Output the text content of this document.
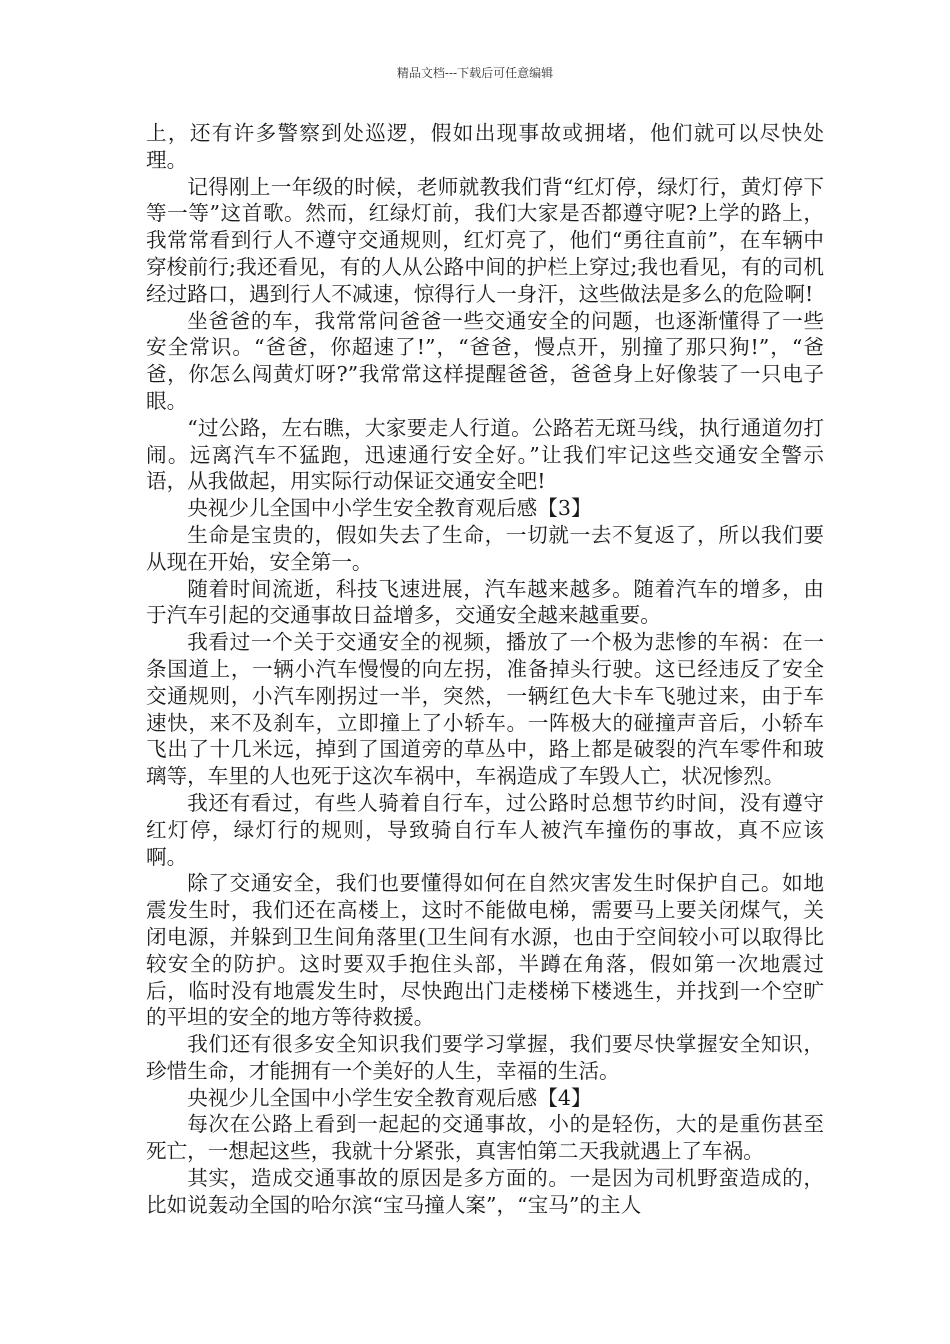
精品文档---下载后可任意编辑

上，还有许多警察到处巡逻，假如出现事故或拥堵，他们就可以尽快处理。

记得刚上一年级的时候，老师就教我们背“红灯停，绿灯行，黄灯停下等一等”这首歌。然而，红绿灯前，我们大家是否都遵守呢?上学的路上，我常常看到行人不遵守交通规则，红灯亮了，他们“勇往直前”，在车辆中穿梭前行;我还看见，有的人从公路中间的护栏上穿过;我也看见，有的司机经过路口，遇到行人不减速，惊得行人一身汗，这些做法是多么的危险啊!

坐爸爸的车，我常常问爸爸一些交通安全的问题，也逐渐懂得了一些安全常识。“爸爸，你超速了!”，“爸爸，慢点开，别撞了那只狗!”，“爸爸，你怎么闯黄灯呀?”我常常这样提醒爸爸，爸爸身上好像装了一只电子眼。

“过公路，左右瞧，大家要走人行道。公路若无斑马线，执行通道勿打闹。远离汽车不猛跑，迅速通行安全好。”让我们牢记这些交通安全警示语，从我做起，用实际行动保证交通安全吧!

央视少儿全国中小学生安全教育观后感【3】

生命是宝贵的，假如失去了生命，一切就一去不复返了，所以我们要从现在开始，安全第一。

随着时间流逝，科技飞速进展，汽车越来越多。随着汽车的增多，由于汽车引起的交通事故日益增多，交通安全越来越重要。

我看过一个关于交通安全的视频，播放了一个极为悲惨的车祸：在一条国道上，一辆小汽车慢慢的向左拐，准备掉头行驶。这已经违反了安全交通规则，小汽车刚拐过一半，突然，一辆红色大卡车飞驰过来，由于车速快，来不及刹车，立即撞上了小轿车。一阵极大的碰撞声音后，小轿车飞出了十几米远，掉到了国道旁的草丛中，路上都是破裂的汽车零件和玻璃等，车里的人也死于这次车祸中，车祸造成了车毁人亡，状况惨烈。

我还有看过，有些人骑着自行车，过公路时总想节约时间，没有遵守红灯停，绿灯行的规则，导致骑自行车人被汽车撞伤的事故，真不应该啊。

除了交通安全，我们也要懂得如何在自然灾害发生时保护自己。如地震发生时，我们还在高楼上，这时不能做电梯，需要马上要关闭煤气，关闭电源，并躲到卫生间角落里(卫生间有水源，也由于空间较小可以取得比较安全的防护。这时要双手抱住头部，半蹲在角落，假如第一次地震过后，临时没有地震发生时，尽快跑出门走楼梯下楼逃生，并找到一个空旷的平坦的安全的地方等待救援。

我们还有很多安全知识我们要学习掌握，我们要尽快掌握安全知识，珍惜生命，才能拥有一个美好的人生，幸福的生活。

央视少儿全国中小学生安全教育观后感【4】

每次在公路上看到一起起的交通事故，小的是轻伤，大的是重伤甚至死亡，一想起这些，我就十分紧张，真害怕第二天我就遇上了车祸。

其实，造成交通事故的原因是多方面的。一是因为司机野蛮造成的，比如说轰动全国的哈尔滨“宝马撞人案”，“宝马”的主人
